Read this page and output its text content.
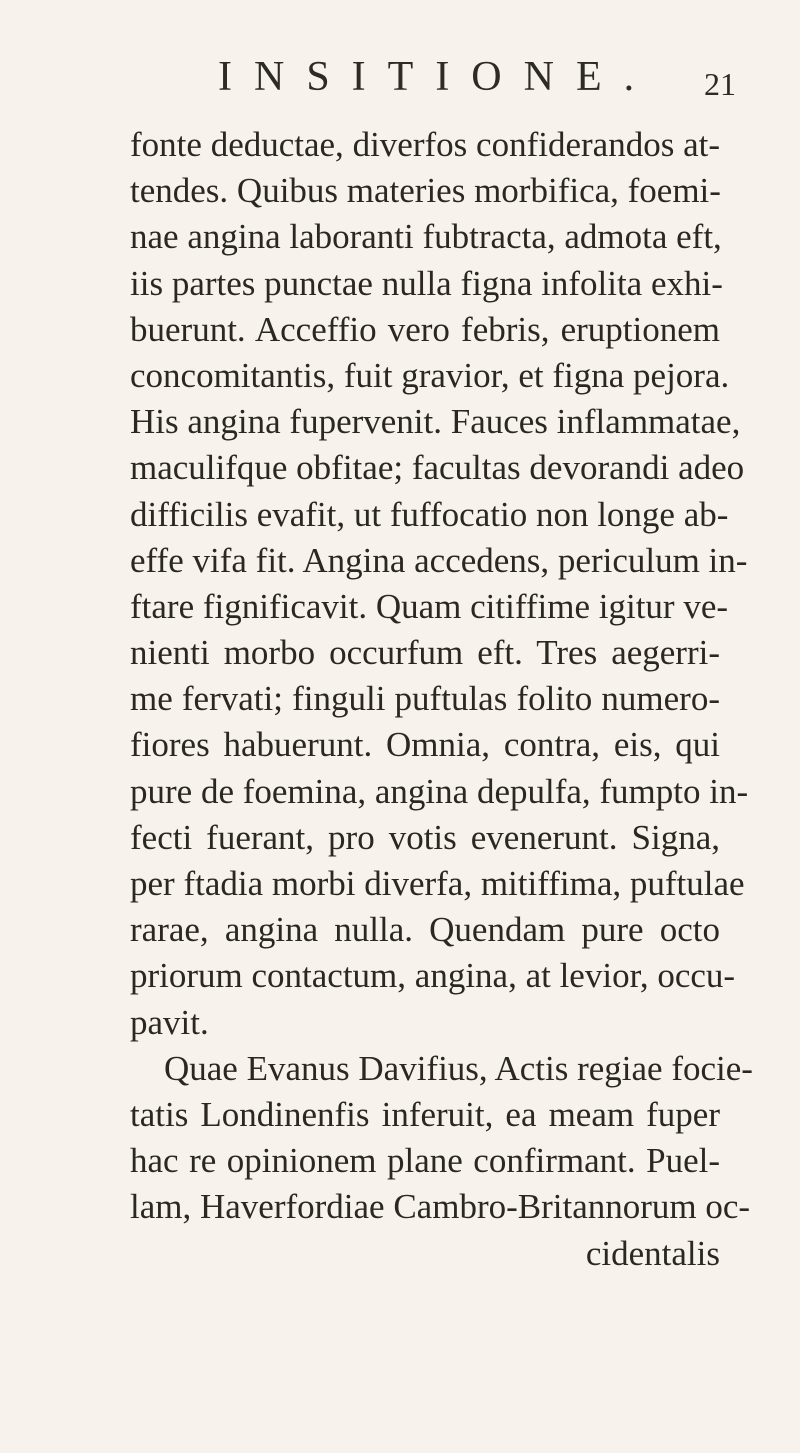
INSITIONE. 21
fonte deductae, diverfos confiderandos at-
tendes. Quibus materies morbifica, foemi-
nae angina laboranti fubtracta, admota eft,
iis partes punctae nulla figna infolita exhi-
buerunt. Acceffio vero febris, eruptionem
concomitantis, fuit gravior, et figna pejora.
His angina fupervenit. Fauces inflammatae,
maculifque obfitae; facultas devorandi adeo
difficilis evafit, ut fuffocatio non longe ab-
effe vifa fit. Angina accedens, periculum in-
ftare fignificavit. Quam citiffime igitur ve-
nienti morbo occurfum eft. Tres aegerri-
me fervati; finguli puftulas folito numero-
fiores habuerunt. Omnia, contra, eis, qui
pure de foemina, angina depulfa, fumpto in-
fecti fuerant, pro votis evenerunt. Signa,
per ftadia morbi diverfa, mitiffima, puftulae
rarae, angina nulla. Quendam pure octo
priorum contactum, angina, at levior, occu-
pavit.
Quae Evanus Davifius, Actis regiae focie-
tatis Londinenfis inferuit, ea meam fuper
hac re opinionem plane confirmant. Puel-
lam, Haverfordiae Cambro-Britannorum oc-
cidentalis
